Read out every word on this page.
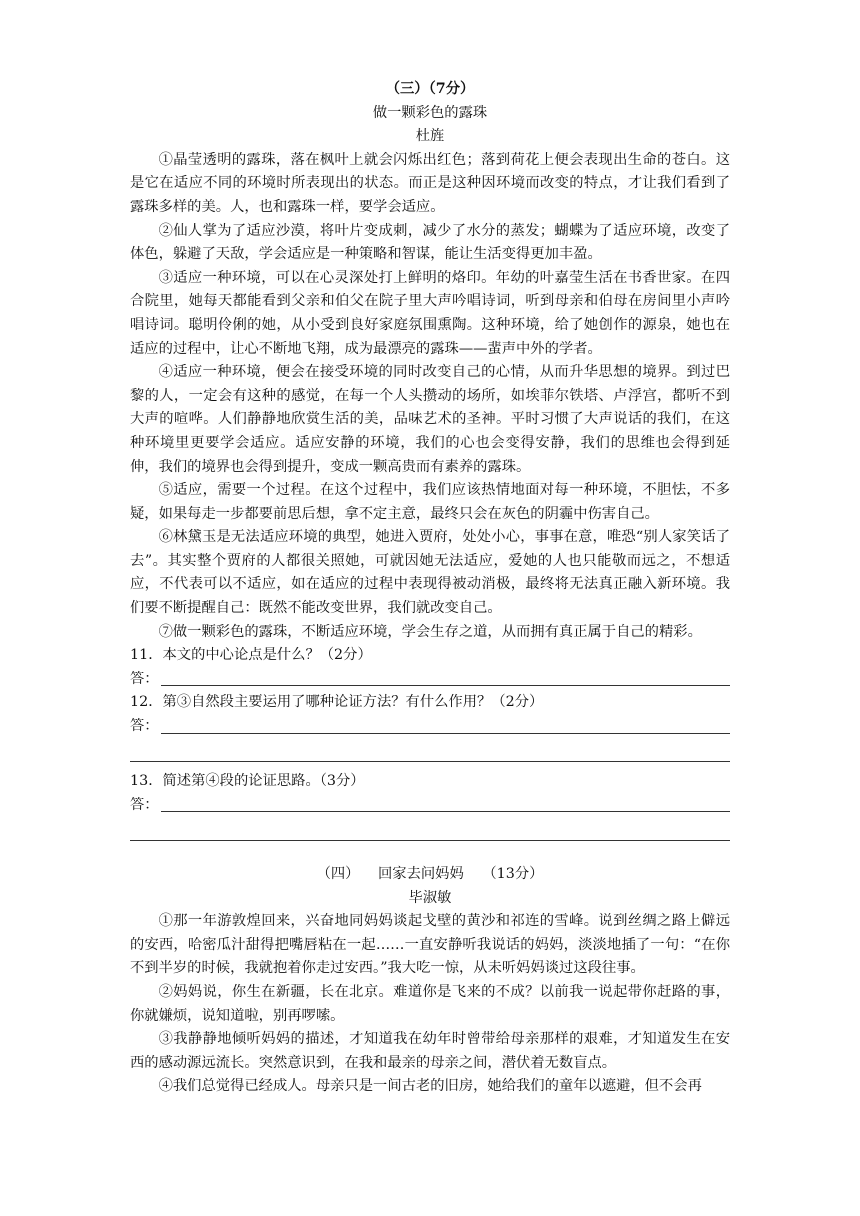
（三）（7分）
做一颗彩色的露珠
杜旌

①晶莹透明的露珠，落在枫叶上就会闪烁出红色；落到荷花上便会表现出生命的苍白。这是它在适应不同的环境时所表现出的状态。而正是这种因环境而改变的特点，才让我们看到了露珠多样的美。人，也和露珠一样，要学会适应。

②仙人掌为了适应沙漠，将叶片变成刺，减少了水分的蒸发；蝴蝶为了适应环境，改变了体色，躲避了天敌，学会适应是一种策略和智谋，能让生活变得更加丰盈。

③适应一种环境，可以在心灵深处打上鲜明的烙印。年幼的叶嘉莹生活在书香世家。在四合院里，她每天都能看到父亲和伯父在院子里大声吟唱诗词，听到母亲和伯母在房间里小声吟唱诗词。聪明伶俐的她，从小受到良好家庭氛围熏陶。这种环境，给了她创作的源泉，她也在适应的过程中，让心不断地飞翔，成为最漂亮的露珠——蜚声中外的学者。

④适应一种环境，便会在接受环境的同时改变自己的心情，从而升华思想的境界。到过巴黎的人，一定会有这种的感觉，在每一个人头攒动的场所，如埃菲尔铁塔、卢浮宫，都听不到大声的喧哗。人们静静地欣赏生活的美，品味艺术的圣神。平时习惯了大声说话的我们，在这种环境里更要学会适应。适应安静的环境，我们的心也会变得安静，我们的思维也会得到延伸，我们的境界也会得到提升，变成一颗高贵而有素养的露珠。

⑤适应，需要一个过程。在这个过程中，我们应该热情地面对每一种环境，不胆怯，不多疑，如果每走一步都要前思后想，拿不定主意，最终只会在灰色的阴霾中伤害自己。

⑥林黛玉是无法适应环境的典型，她进入贾府，处处小心，事事在意，唯恐“别人家笑话了去”。其实整个贾府的人都很关照她，可就因她无法适应，爱她的人也只能敬而远之，不想适应，不代表可以不适应，如在适应的过程中表现得被动消极，最终将无法真正融入新环境。我们要不断提醒自己：既然不能改变世界，我们就改变自己。

⑦做一颗彩色的露珠，不断适应环境，学会生存之道，从而拥有真正属于自己的精彩。

11．本文的中心论点是什么？（2分）
答：
12．第③自然段主要运用了哪种论证方法？有什么作用？（2分）
答：
13．简述第④段的论证思路。（3分）
答：
（四） 回家去问妈妈 （13分）
毕淑敏

①那一年游敦煌回来，兴奋地同妈妈谈起戈壁的黄沙和祁连的雪峰。说到丝绸之路上僻远的安西，哈密瓜汁甜得把嘴唇粘在一起……一直安静听我说话的妈妈，淡淡地插了一句：“在你不到半岁的时候，我就抱着你走过安西。”我大吃一惊，从未听妈妈谈过这段往事。

②妈妈说，你生在新疆，长在北京。难道你是飞来的不成？以前我一说起带你赶路的事，你就嫌烦，说知道啦，别再啰嗦。

③我静静地倾听妈妈的描述，才知道我在幼年时曾带给母亲那样的艰难，才知道发生在安西的感动源远流长。突然意识到，在我和最亲的母亲之间，潜伏着无数盲点。

④我们总觉得已经成人。母亲只是一间古老的旧房，她给我们的童年以遮避，但不会再
